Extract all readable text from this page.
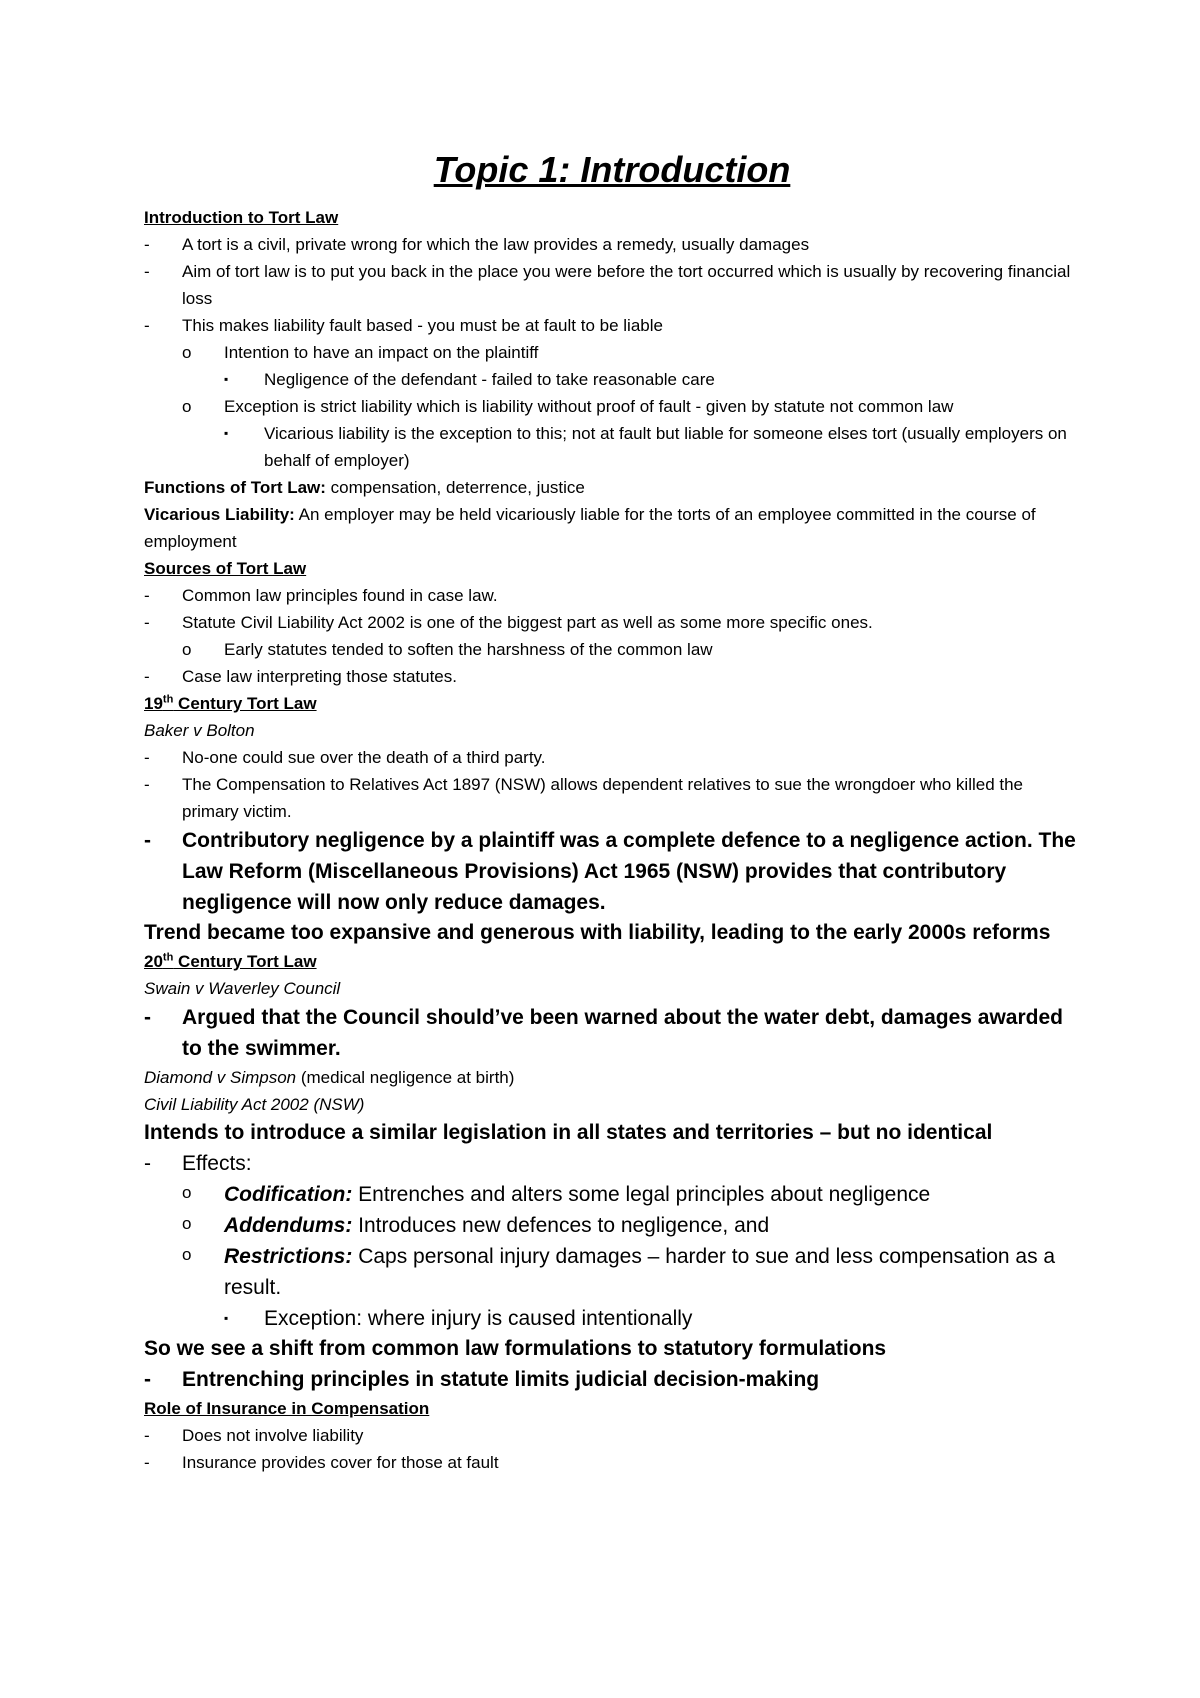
Topic 1: Introduction
Introduction to Tort Law
-	A tort is a civil, private wrong for which the law provides a remedy, usually damages
-	Aim of tort law is to put you back in the place you were before the tort occurred which is usually by recovering financial loss
-	This makes liability fault based - you must be at fault to be liable
o	Intention to have an impact on the plaintiff
▪	Negligence of the defendant - failed to take reasonable care
o	Exception is strict liability which is liability without proof of fault - given by statute not common law
▪	Vicarious liability is the exception to this; not at fault but liable for someone elses tort (usually employers on behalf of employer)
Functions of Tort Law: compensation, deterrence, justice
Vicarious Liability: An employer may be held vicariously liable for the torts of an employee committed in the course of employment
Sources of Tort Law
-	Common law principles found in case law.
-	Statute Civil Liability Act 2002 is one of the biggest part as well as some more specific ones.
o	Early statutes tended to soften the harshness of the common law
-	Case law interpreting those statutes.
19th Century Tort Law
Baker v Bolton
-	No-one could sue over the death of a third party.
-	The Compensation to Relatives Act 1897 (NSW) allows dependent relatives to sue the wrongdoer who killed the primary victim.
-	Contributory negligence by a plaintiff was a complete defence to a negligence action. The Law Reform (Miscellaneous Provisions) Act 1965 (NSW) provides that contributory negligence will now only reduce damages.
Trend became too expansive and generous with liability, leading to the early 2000s reforms
20th Century Tort Law
Swain v Waverley Council
-	Argued that the Council should’ve been warned about the water debt, damages awarded to the swimmer.
Diamond v Simpson (medical negligence at birth)
Civil Liability Act 2002 (NSW)
Intends to introduce a similar legislation in all states and territories – but no identical
-	Effects:
o	Codification: Entrenches and alters some legal principles about negligence
o	Addendums: Introduces new defences to negligence, and
o	Restrictions: Caps personal injury damages – harder to sue and less compensation as a result.
▪	Exception: where injury is caused intentionally
So we see a shift from common law formulations to statutory formulations
-	Entrenching principles in statute limits judicial decision-making
Role of Insurance in Compensation
-	Does not involve liability
-	Insurance provides cover for those at fault
